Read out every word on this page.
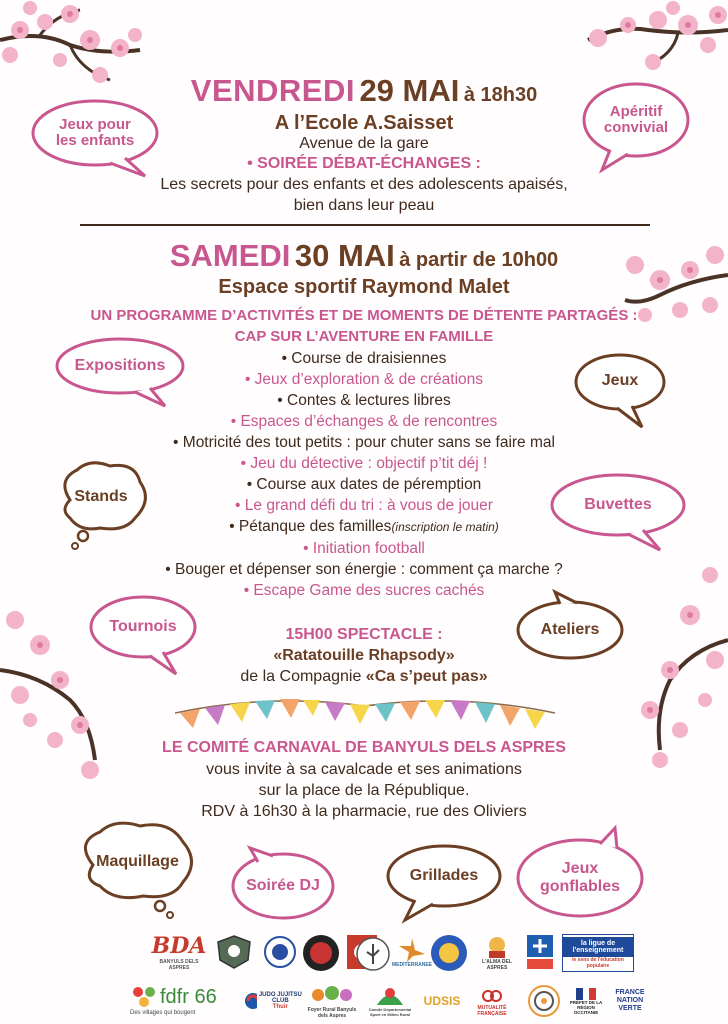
VENDREDI 29 MAI à 18h30
A l’Ecole A.Saisset
Avenue de la gare
• SOIRÉE DÉBAT-ÉCHANGES :
Les secrets pour des enfants et des adolescents apaisés,
bien dans leur peau
SAMEDI 30 MAI à partir de 10h00
Espace sportif Raymond Malet
UN PROGRAMME D’ACTIVITÉS ET DE MOMENTS DE DÉTENTE PARTAGÉS :
CAP SUR L’AVENTURE EN FAMILLE
• Course de draisiennes
• Jeux d’exploration & de créations
• Contes & lectures libres
• Espaces d’échanges & de rencontres
• Motricité des tout petits : pour chuter sans se faire mal
• Jeu du détective : objectif p’tit déj !
• Course aux dates de péremption
• Le grand défi du tri : à vous de jouer
• Pétanque des familles(inscription le matin)
• Initiation football
• Bouger et dépenser son énergie : comment ça marche ?
• Escape Game des sucres cachés
15H00 SPECTACLE :
«Ratatouille Rhapsody»
de la Compagnie «Ca s’peut pas»
LE COMITÉ CARNAVAL DE BANYULS DELS ASPRES
vous invite à sa cavalcade et ses animations
sur la place de la République.
RDV à 16h30 à la pharmacie, rue des Oliviers
Jeux pour les enfants
Apéritif convivial
Expositions
Jeux
Stands	Buvettes
Tournois	Ateliers
Maquillage
Soirée DJ
Grillades	Jeux gonflables
BDA
BANYULS DELS ASPRES	MEDITERRANEE	L'ALMA DEL ASPRES
la ligue de l'enseignement
le sens de l'éducation populaire
fdfr 66
Des villages qui bougent
JUDO JUJITSU CLUB
Thuir	Foyer Rural Banyuls dels Aspres
Comité Départemental Sport en Milieu Rural
UDSIS	MUTUALITÉ FRANÇAISE
PRÉFET DE LA RÉGION OCCITANIE
FRANCE NATION VERTE
